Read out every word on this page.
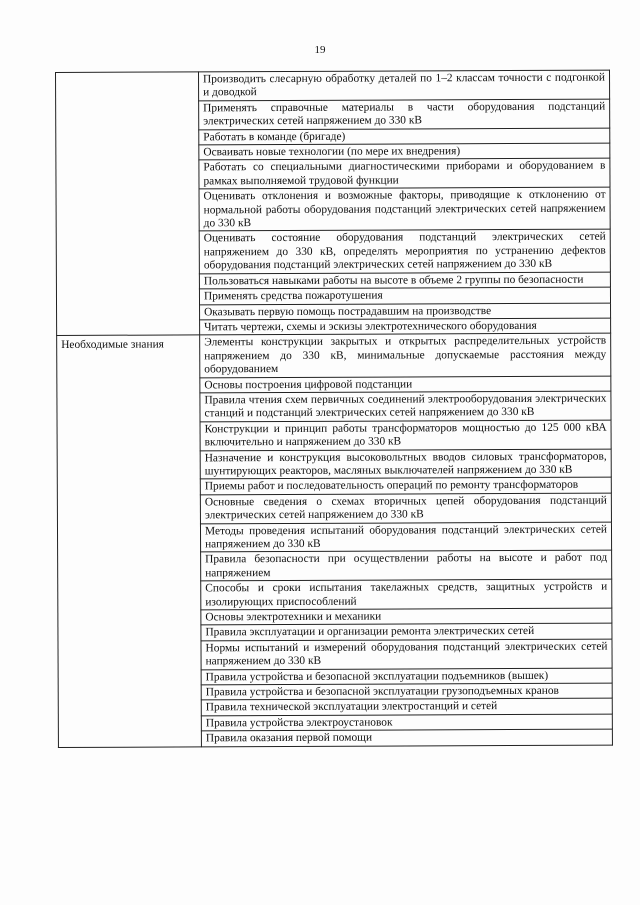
19
	Производить слесарную обработку деталей по 1–2 классам точности с подгонкой и доводкой
	Применять справочные материалы в части оборудования подстанций электрических сетей напряжением до 330 кВ
	Работать в команде (бригаде)
	Осваивать новые технологии (по мере их внедрения)
	Работать со специальными диагностическими приборами и оборудованием в рамках выполняемой трудовой функции
	Оценивать отклонения и возможные факторы, приводящие к отклонению от нормальной работы оборудования подстанций электрических сетей напряжением до 330 кВ
	Оценивать состояние оборудования подстанций электрических сетей напряжением до 330 кВ, определять мероприятия по устранению дефектов оборудования подстанций электрических сетей напряжением до 330 кВ
	Пользоваться навыками работы на высоте в объеме 2 группы по безопасности
	Применять средства пожаротушения
	Оказывать первую помощь пострадавшим на производстве
	Читать чертежи, схемы и эскизы электротехнического оборудования

Необходимые знания	Элементы конструкции закрытых и открытых распределительных устройств напряжением до 330 кВ, минимальные допускаемые расстояния между оборудованием
	Основы построения цифровой подстанции
	Правила чтения схем первичных соединений электрооборудования электрических станций и подстанций электрических сетей напряжением до 330 кВ
	Конструкции и принцип работы трансформаторов мощностью до 125 000 кВА включительно и напряжением до 330 кВ
	Назначение и конструкция высоковольтных вводов силовых трансформаторов, шунтирующих реакторов, масляных выключателей напряжением до 330 кВ
	Приемы работ и последовательность операций по ремонту трансформаторов
	Основные сведения о схемах вторичных цепей оборудования подстанций электрических сетей напряжением до 330 кВ
	Методы проведения испытаний оборудования подстанций электрических сетей напряжением до 330 кВ
	Правила безопасности при осуществлении работы на высоте и работ под напряжением
	Способы и сроки испытания такелажных средств, защитных устройств и изолирующих приспособлений
	Основы электротехники и механики
	Правила эксплуатации и организации ремонта электрических сетей
	Нормы испытаний и измерений оборудования подстанций электрических сетей напряжением до 330 кВ
	Правила устройства и безопасной эксплуатации подъемников (вышек)
	Правила устройства и безопасной эксплуатации грузоподъемных кранов
	Правила технической эксплуатации электростанций и сетей
	Правила устройства электроустановок
	Правила оказания первой помощи
